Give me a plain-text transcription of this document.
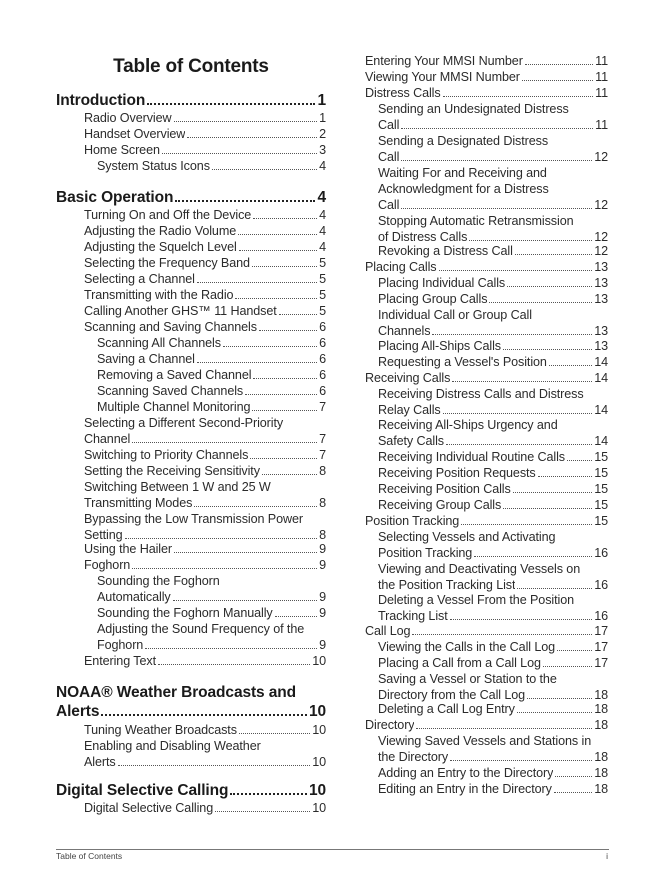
Table of Contents
Introduction	1
Radio Overview	1
Handset Overview	2
Home Screen	3
System Status Icons	4
Basic Operation	4
Turning On and Off the Device	4
Adjusting the Radio Volume	4
Adjusting the Squelch Level	4
Selecting the Frequency Band	5
Selecting a Channel	5
Transmitting with the Radio	5
Calling Another GHS™ 11 Handset	5
Scanning and Saving Channels	6
Scanning All Channels	6
Saving a Channel	6
Removing a Saved Channel	6
Scanning Saved Channels	6
Multiple Channel Monitoring	7
Selecting a Different Second-Priority
Channel	7
Switching to Priority Channels	7
Setting the Receiving Sensitivity	8
Switching Between 1 W and 25 W
Transmitting Modes	8
Bypassing the Low Transmission Power
Setting	8
Using the Hailer	9
Foghorn	9
Sounding the Foghorn
Automatically	9
Sounding the Foghorn Manually	9
Adjusting the Sound Frequency of the
Foghorn	9
Entering Text	10
NOAA® Weather Broadcasts and
Alerts	10
Tuning Weather Broadcasts	10
Enabling and Disabling Weather
Alerts	10
Digital Selective Calling	10
Digital Selective Calling	10
Entering Your MMSI Number	11
Viewing Your MMSI Number	11
Distress Calls	11
Sending an Undesignated Distress
Call	11
Sending a Designated Distress
Call	12
Waiting For and Receiving and
Acknowledgment for a Distress
Call	12
Stopping Automatic Retransmission
of Distress Calls	12
Revoking a Distress Call	12
Placing Calls	13
Placing Individual Calls	13
Placing Group Calls	13
Individual Call or Group Call
Channels	13
Placing All-Ships Calls	13
Requesting a Vessel's Position	14
Receiving Calls	14
Receiving Distress Calls and Distress
Relay Calls	14
Receiving All-Ships Urgency and
Safety Calls	14
Receiving Individual Routine Calls 15
Receiving Position Requests	15
Receiving Position Calls	15
Receiving Group Calls	15
Position Tracking	15
Selecting Vessels and Activating
Position Tracking	16
Viewing and Deactivating Vessels on
the Position Tracking List	16
Deleting a Vessel From the Position
Tracking List	16
Call Log	17
Viewing the Calls in the Call Log	17
Placing a Call from a Call Log	17
Saving a Vessel or Station to the
Directory from the Call Log	18
Deleting a Call Log Entry	18
Directory	18
Viewing Saved Vessels and Stations in
the Directory	18
Adding an Entry to the Directory	18
Editing an Entry in the Directory	18
Table of Contents	i
